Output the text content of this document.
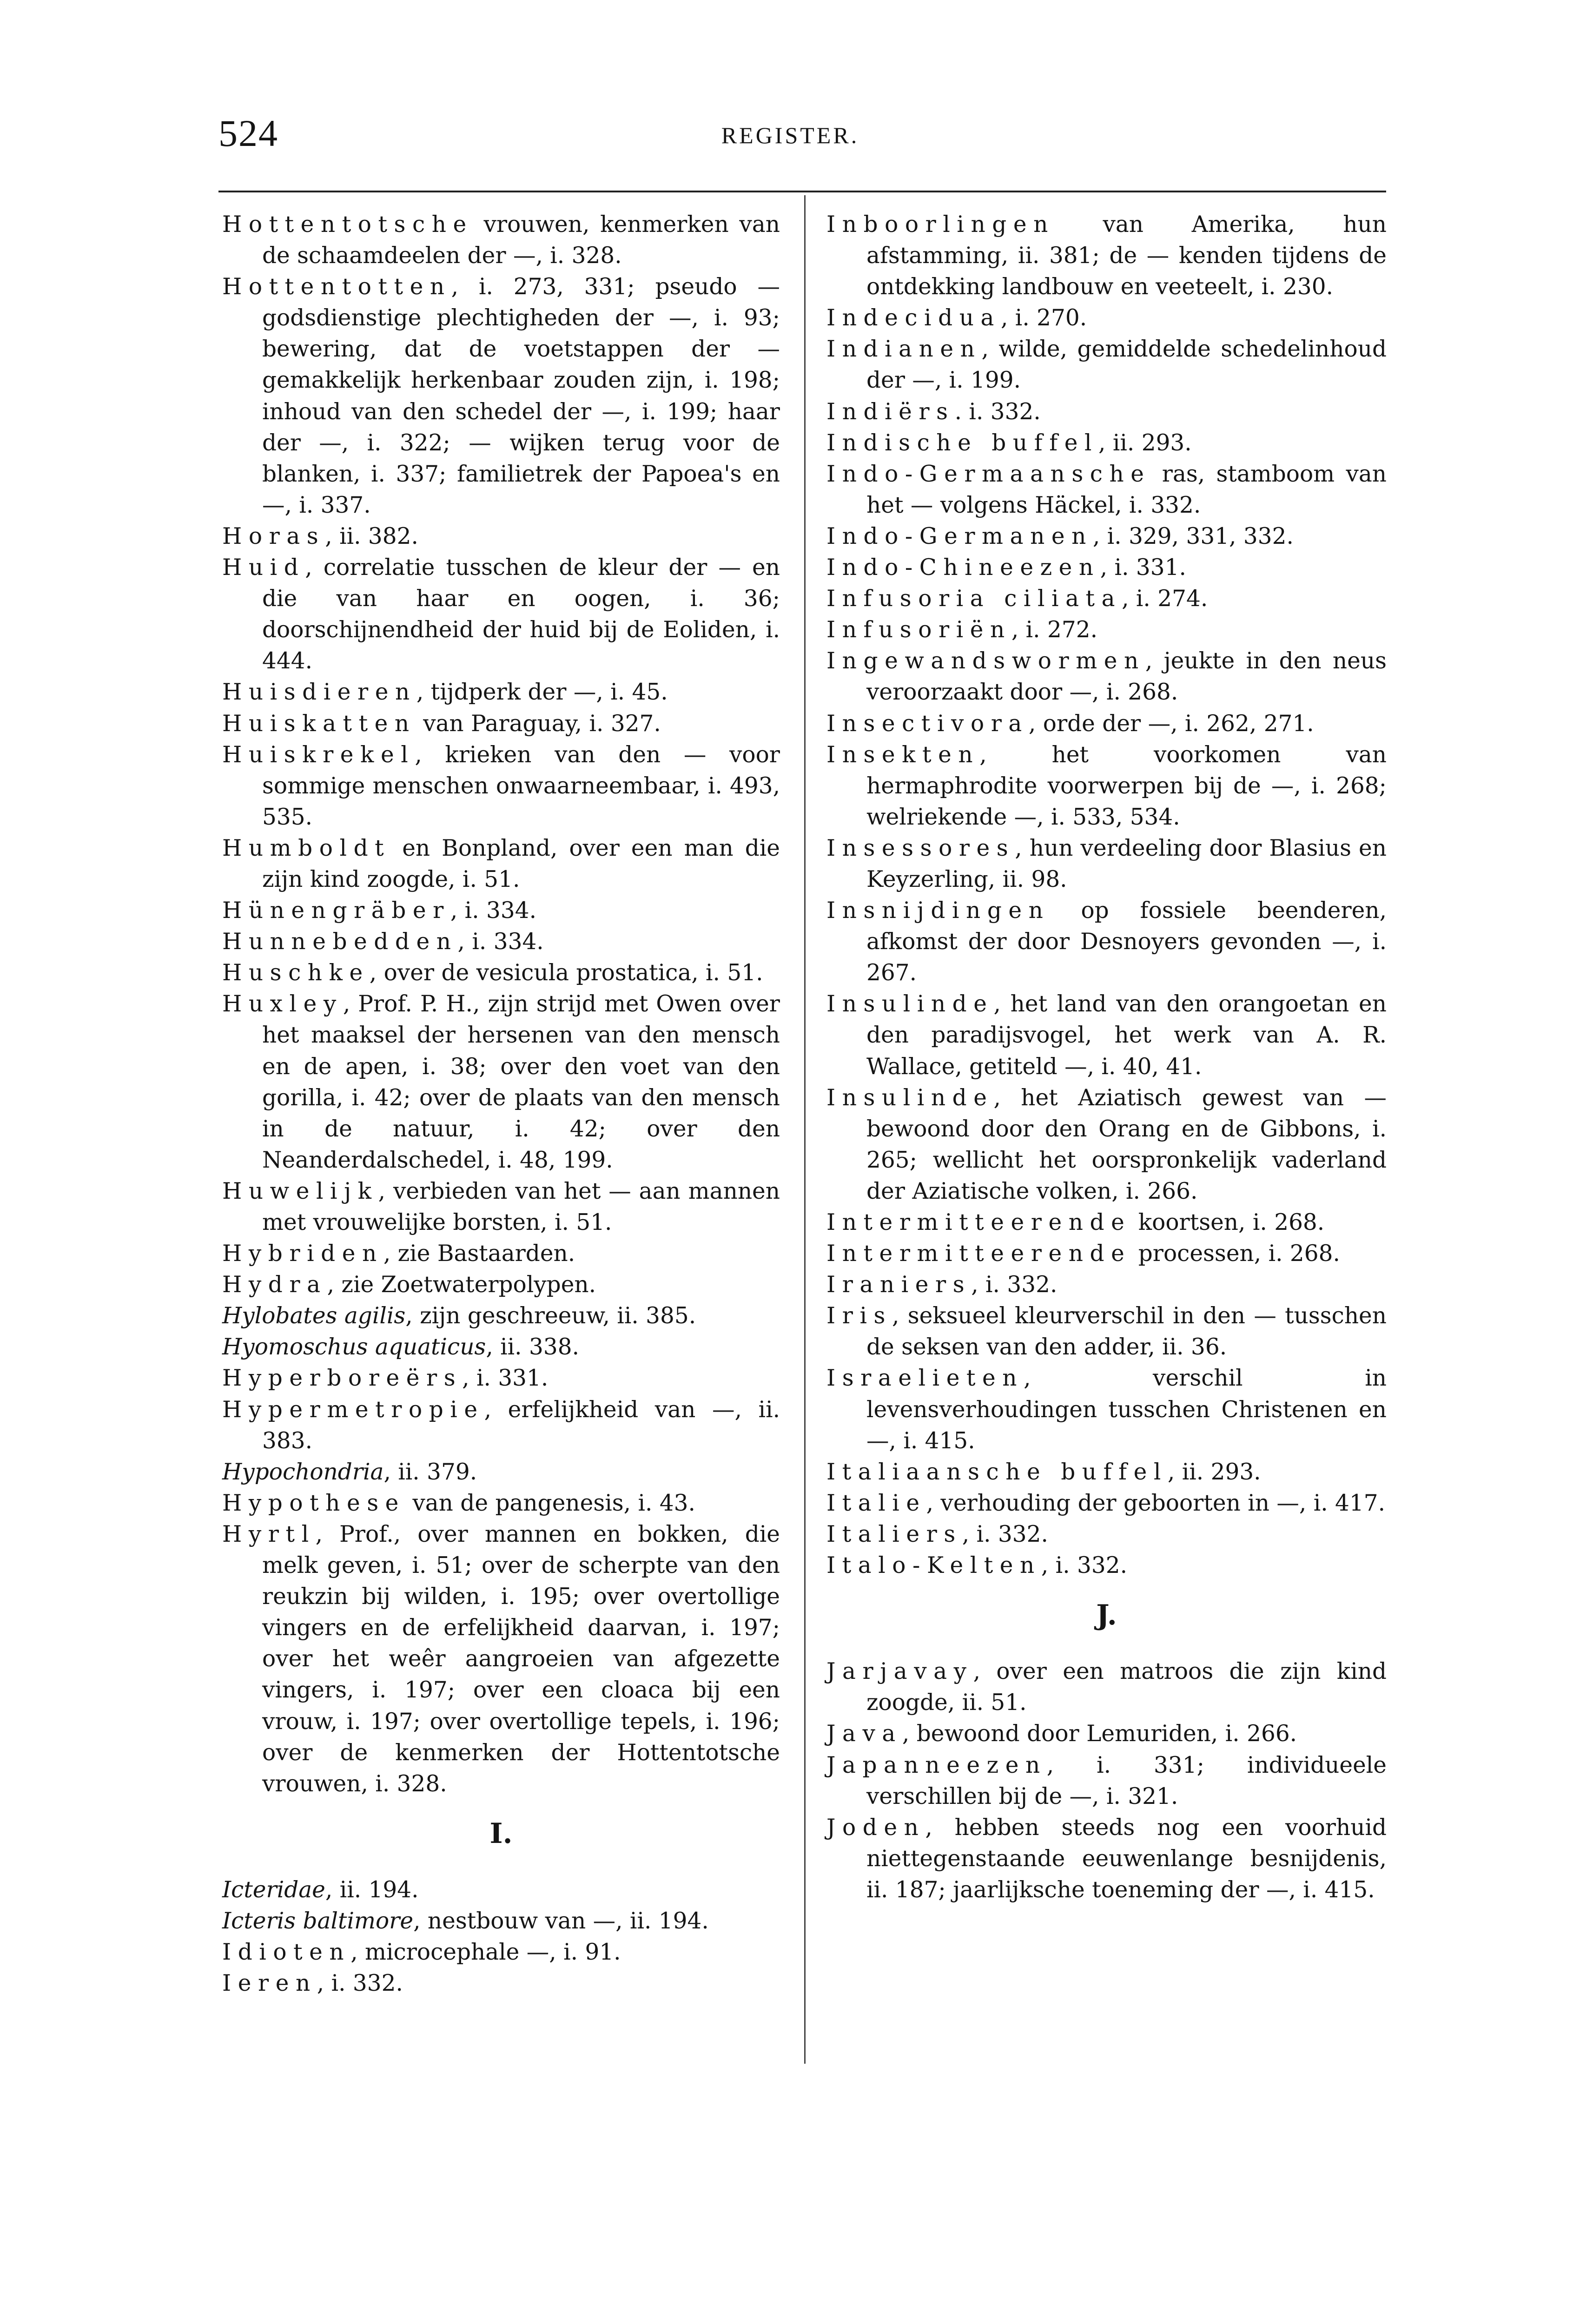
524	REGISTER.

Hottentotsche vrouwen, kenmerken van de schaamdeelen der —, i. 328.

Hottentotten, i. 273, 331; pseudo — godsdienstige plechtigheden der —, i. 93; bewering, dat de voetstappen der — gemakkelijk herkenbaar zouden zijn, i. 198; inhoud van den schedel der —, i. 199; haar der —, i. 322; — wijken terug voor de blanken, i. 337; familietrek der Papoea's en —, i. 337.

Horas, ii. 382.

Huid, correlatie tusschen de kleur der — en die van haar en oogen, i. 36; doorschijnendheid der huid bij de Eoliden, i. 444.

Huisdieren, tijdperk der —, i. 45.

Huiskatten van Paraguay, i. 327.

Huiskrekel, krieken van den — voor sommige menschen onwaarneembaar, i. 493, 535.

Humboldt en Bonpland, over een man die zijn kind zoogde, i. 51.

Hünengräber, i. 334.

Hunnebedden, i. 334.

Huschke, over de vesicula prostatica, i. 51.

Huxley, Prof. P. H., zijn strijd met Owen over het maaksel der hersenen van den mensch en de apen, i. 38; over den voet van den gorilla, i. 42; over de plaats van den mensch in de natuur, i. 42; over den Neanderdalschedel, i. 48, 199.

Huwelijk, verbieden van het — aan mannen met vrouwelijke borsten, i. 51.

Hybriden, zie Bastaarden.

Hydra, zie Zoetwaterpolypen.

Hylobates agilis, zijn geschreeuw, ii. 385.

Hyomoschus aquaticus, ii. 338.

Hyperboreërs, i. 331.

Hypermetropie, erfelijkheid van —, ii. 383.

Hypochondria, ii. 379.

Hypothese van de pangenesis, i. 43.

Hyrtl, Prof., over mannen en bokken, die melk geven, i. 51; over de scherpte van den reukzin bij wilden, i. 195; over overtollige vingers en de erfelijkheid daarvan, i. 197; over het weêr aangroeien van afgezette vingers, i. 197; over een cloaca bij een vrouw, i. 197; over overtollige tepels, i. 196; over de kenmerken der Hottentotsche vrouwen, i. 328.

I.

Icteridae, ii. 194.

Icteris baltimore, nestbouw van —, ii. 194.

Idioten, microcephale —, i. 91.

Ieren, i. 332.

Inboorlingen van Amerika, hun afstamming, ii. 381; de — kenden tijdens de ontdekking landbouw en veeteelt, i. 230.

Indecidua, i. 270.

Indianen, wilde, gemiddelde schedelinhoud der —, i. 199.

Indiërs. i. 332.

Indische buffel, ii. 293.

Indo-Germaansche ras, stamboom van het — volgens Häckel, i. 332.

Indo-Germanen, i. 329, 331, 332.

Indo-Chineezen, i. 331.

Infusoria ciliata, i. 274.

Infusoriën, i. 272.

Ingewandswormen, jeukte in den neus veroorzaakt door —, i. 268.

Insectivora, orde der —, i. 262, 271.

Insekten, het voorkomen van hermaphrodite voorwerpen bij de —, i. 268; welriekende —, i. 533, 534.

Insessores, hun verdeeling door Blasius en Keyzerling, ii. 98.

Insnijdingen op fossiele beenderen, afkomst der door Desnoyers gevonden —, i. 267.

Insulinde, het land van den orangoetan en den paradijsvogel, het werk van A. R. Wallace, getiteld —, i. 40, 41.

Insulinde, het Aziatisch gewest van — bewoond door den Orang en de Gibbons, i. 265; wellicht het oorspronkelijk vaderland der Aziatische volken, i. 266.

Intermitteerende koortsen, i. 268.

Intermitteerende processen, i. 268.

Iraniers, i. 332.

Iris, seksueel kleurverschil in den — tusschen de seksen van den adder, ii. 36.

Israelieten, verschil in levensverhoudingen tusschen Christenen en —, i. 415.

Italiaansche buffel, ii. 293.

Italie, verhouding der geboorten in —, i. 417.

Italiers, i. 332.

Italo-Kelten, i. 332.

J.

Jarjavay, over een matroos die zijn kind zoogde, ii. 51.

Java, bewoond door Lemuriden, i. 266.

Japanneezen, i. 331; individueele verschillen bij de —, i. 321.

Joden, hebben steeds nog een voorhuid niettegenstaande eeuwenlange besnijdenis, ii. 187; jaarlijksche toeneming der —, i. 415.
